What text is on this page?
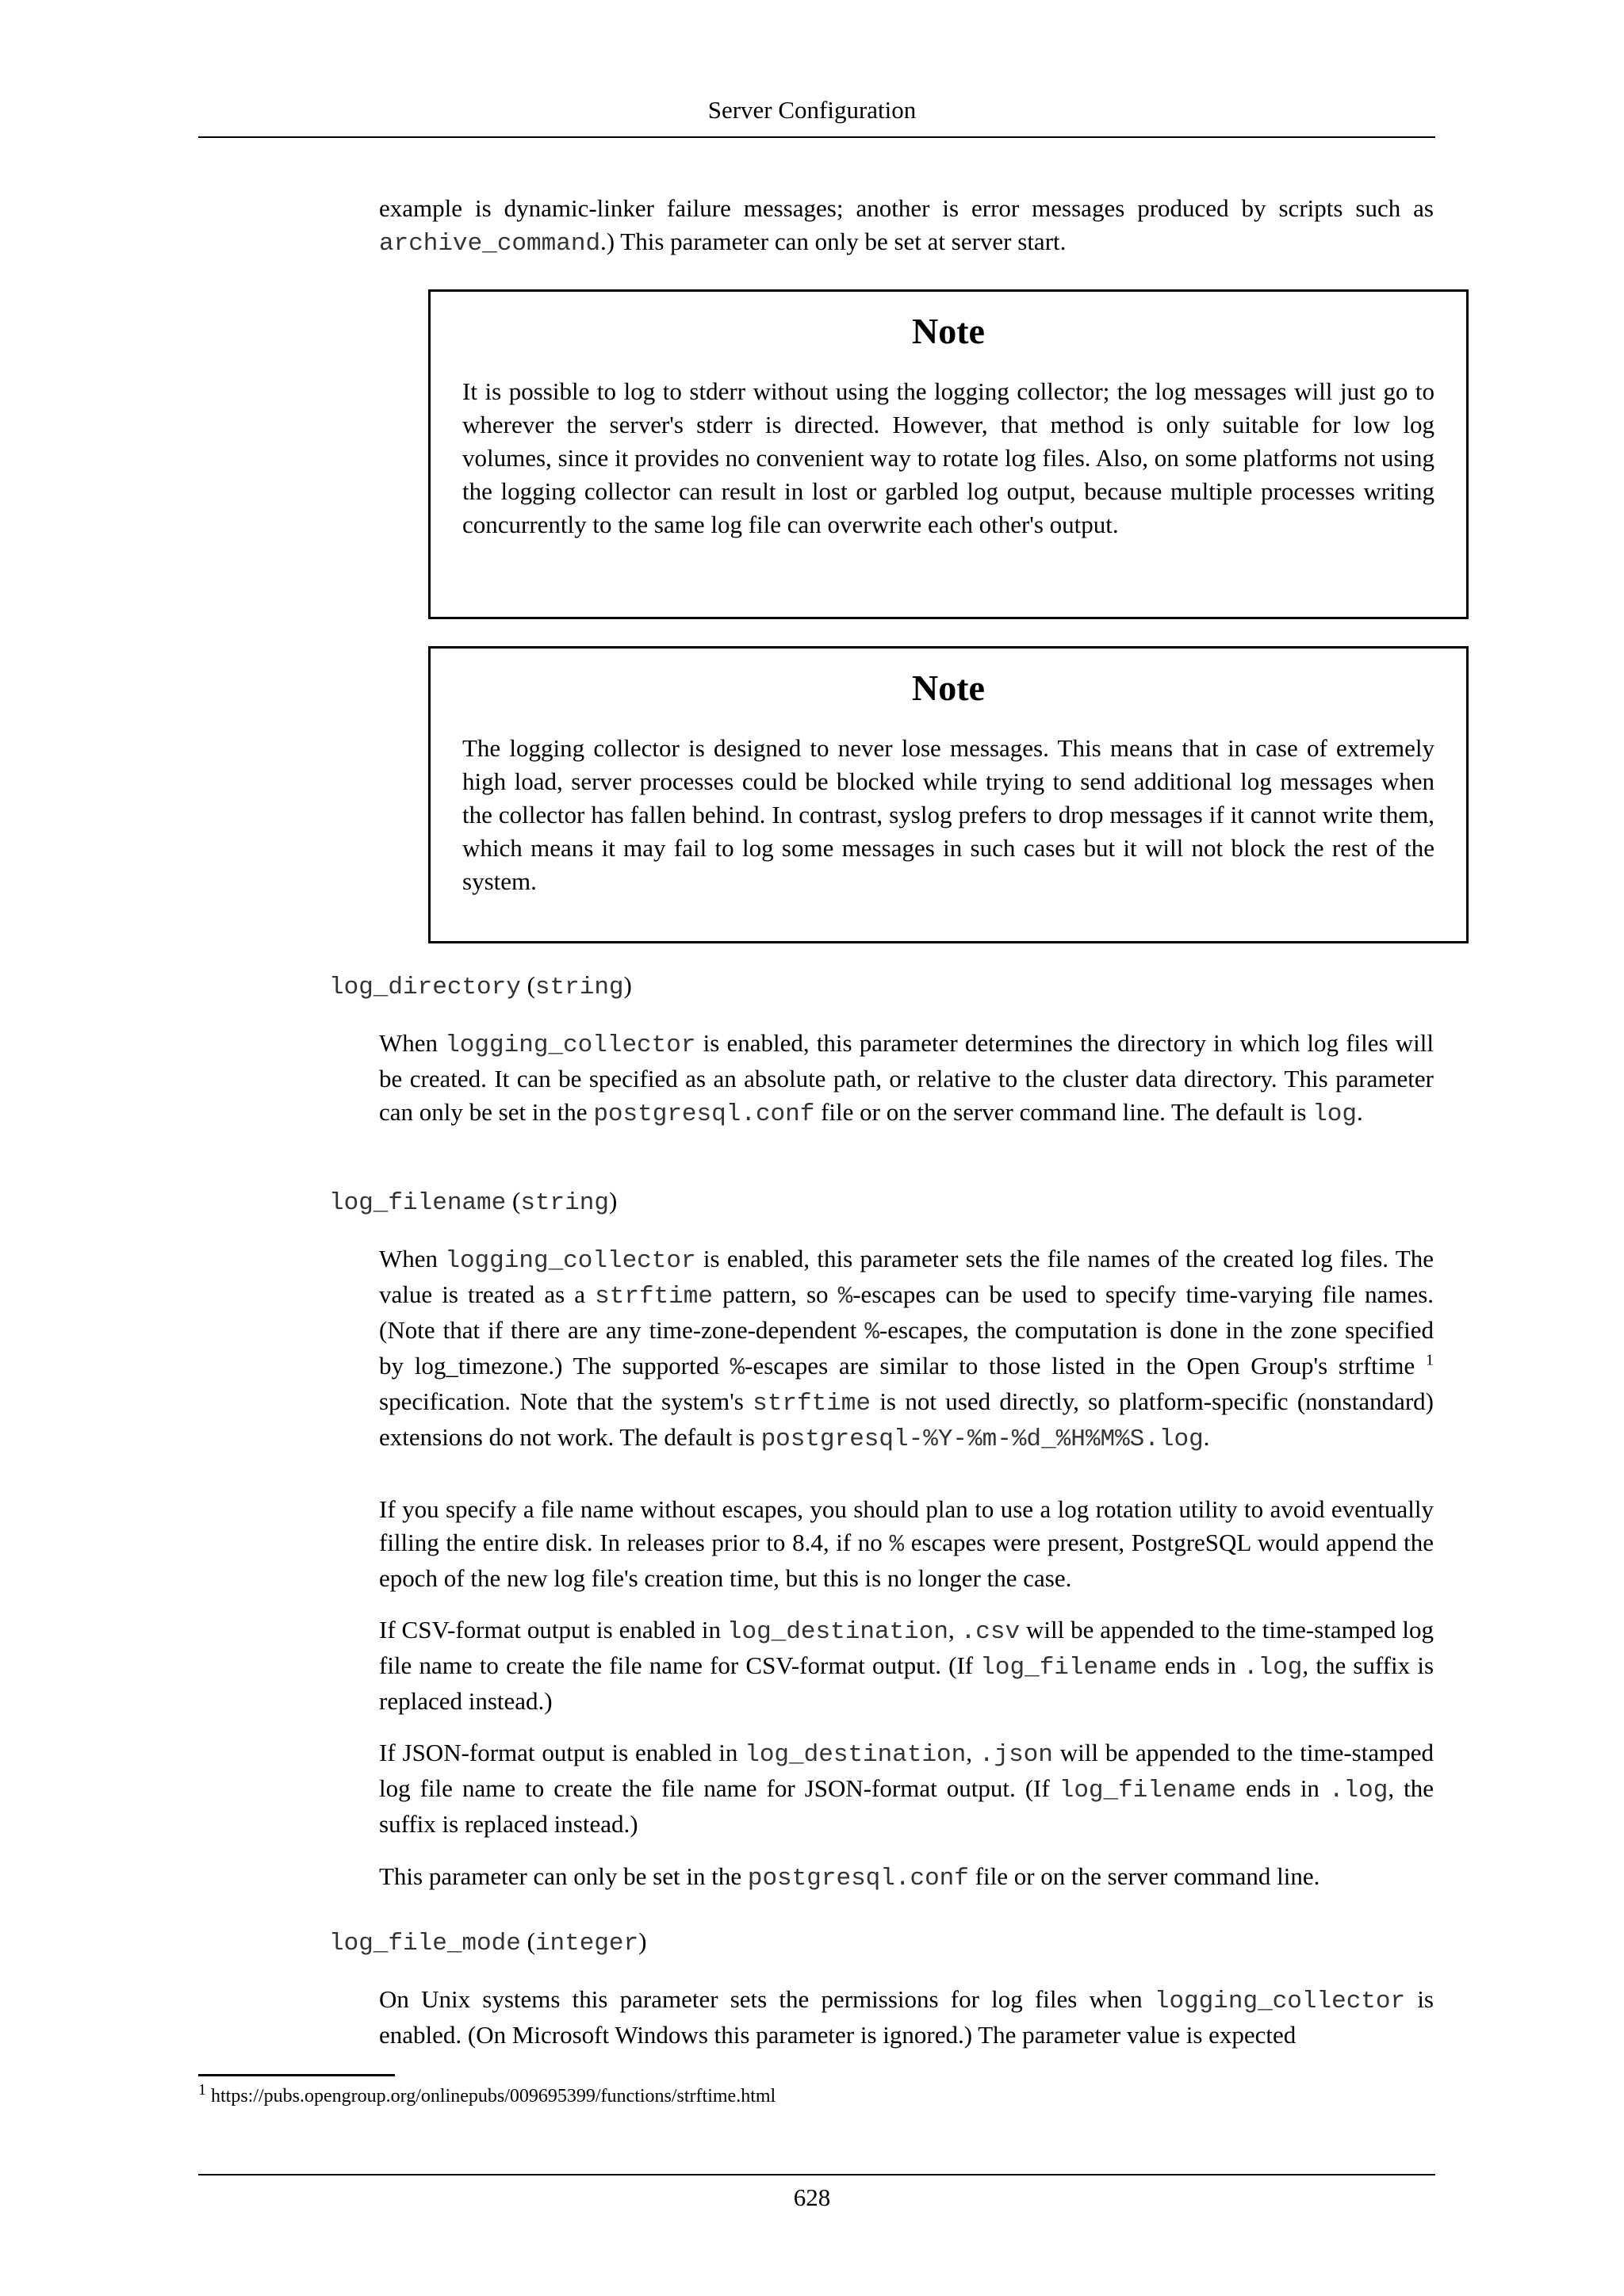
Server Configuration
example is dynamic-linker failure messages; another is error messages produced by scripts such as archive_command.) This parameter can only be set at server start.
Note
It is possible to log to stderr without using the logging collector; the log messages will just go to wherever the server's stderr is directed. However, that method is only suitable for low log volumes, since it provides no convenient way to rotate log files. Also, on some platforms not using the logging collector can result in lost or garbled log output, because multiple processes writing concurrently to the same log file can overwrite each other's output.
Note
The logging collector is designed to never lose messages. This means that in case of extremely high load, server processes could be blocked while trying to send additional log messages when the collector has fallen behind. In contrast, syslog prefers to drop messages if it cannot write them, which means it may fail to log some messages in such cases but it will not block the rest of the system.
log_directory (string)
When logging_collector is enabled, this parameter determines the directory in which log files will be created. It can be specified as an absolute path, or relative to the cluster data directory. This parameter can only be set in the postgresql.conf file or on the server command line. The default is log.
log_filename (string)
When logging_collector is enabled, this parameter sets the file names of the created log files. The value is treated as a strftime pattern, so %-escapes can be used to specify time-varying file names. (Note that if there are any time-zone-dependent %-escapes, the computation is done in the zone specified by log_timezone.) The supported %-escapes are similar to those listed in the Open Group's strftime $^1$ specification. Note that the system's strftime is not used directly, so platform-specific (nonstandard) extensions do not work. The default is postgresql-%Y-%m-%d_%H%M%S.log.
If you specify a file name without escapes, you should plan to use a log rotation utility to avoid eventually filling the entire disk. In releases prior to 8.4, if no % escapes were present, PostgreSQL would append the epoch of the new log file's creation time, but this is no longer the case.
If CSV-format output is enabled in log_destination, .csv will be appended to the time-stamped log file name to create the file name for CSV-format output. (If log_filename ends in .log, the suffix is replaced instead.)
If JSON-format output is enabled in log_destination, .json will be appended to the time-stamped log file name to create the file name for JSON-format output. (If log_filename ends in .log, the suffix is replaced instead.)
This parameter can only be set in the postgresql.conf file or on the server command line.
log_file_mode (integer)
On Unix systems this parameter sets the permissions for log files when logging_collector is enabled. (On Microsoft Windows this parameter is ignored.) The parameter value is expected
$^1$ https://pubs.opengroup.org/onlinepubs/009695399/functions/strftime.html
628
